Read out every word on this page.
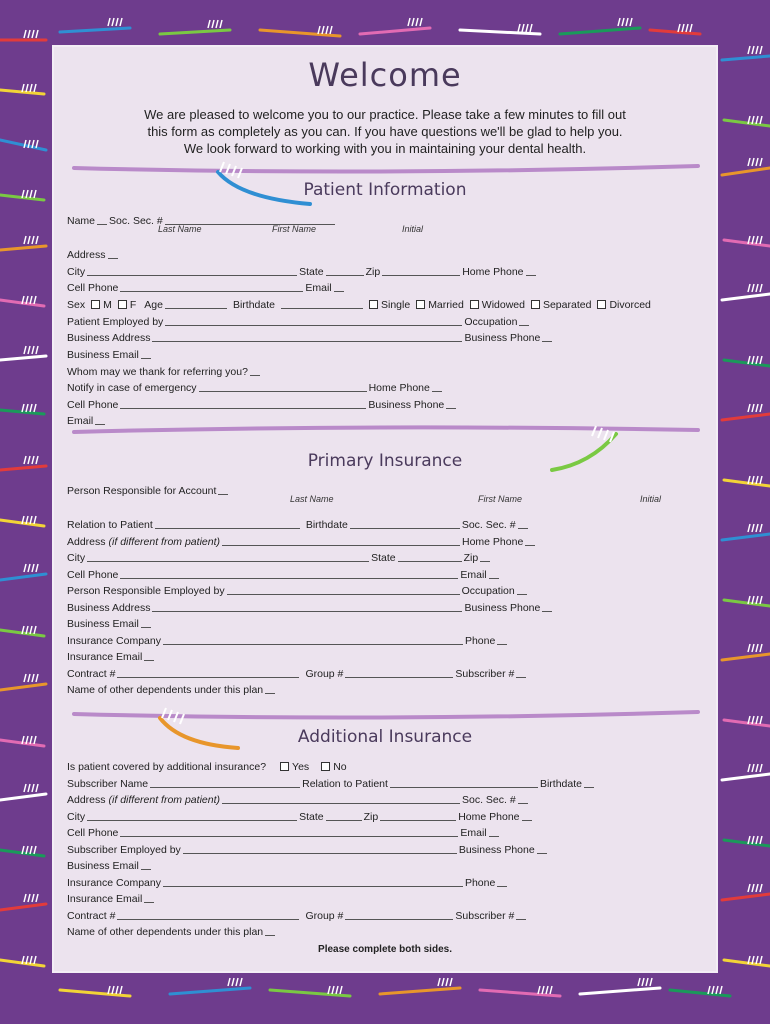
Welcome
We are pleased to welcome you to our practice. Please take a few minutes to fill out
this form as completely as you can. If you have questions we'll be glad to help you.
We look forward to working with you in maintaining your dental health.
Patient Information
Name Soc. Sec. #
Last Name	First Name	Initial
Address
City	State	Zip	Home Phone
Cell Phone	Email
Sex	M	F Age	Birthdate	Single	Married	Widowed	Separated	Divorced
Patient Employed by	Occupation
Business Address	Business Phone
Business Email
Whom may we thank for referring you?
Notify in case of emergency	Home Phone
Cell Phone	Business Phone
Email
Primary Insurance
Person Responsible for Account
Last Name	First Name	Initial
Relation to Patient	Birthdate	Soc. Sec. #
Address (if different from patient)	Home Phone
City	State	Zip
Cell Phone	Email
Person Responsible Employed by	Occupation
Business Address	Business Phone
Business Email
Insurance Company	Phone
Insurance Email
Contract #	Group #	Subscriber #
Name of other dependents under this plan
Additional Insurance
Is patient covered by additional insurance?	Yes	No
Subscriber Name	Relation to Patient	Birthdate
Address (if different from patient)	Soc. Sec. #
City	State	Zip	Home Phone
Cell Phone	Email
Subscriber Employed by	Business Phone
Business Email
Insurance Company	Phone
Insurance Email
Contract #	Group #	Subscriber #
Name of other dependents under this plan
Please complete both sides.
